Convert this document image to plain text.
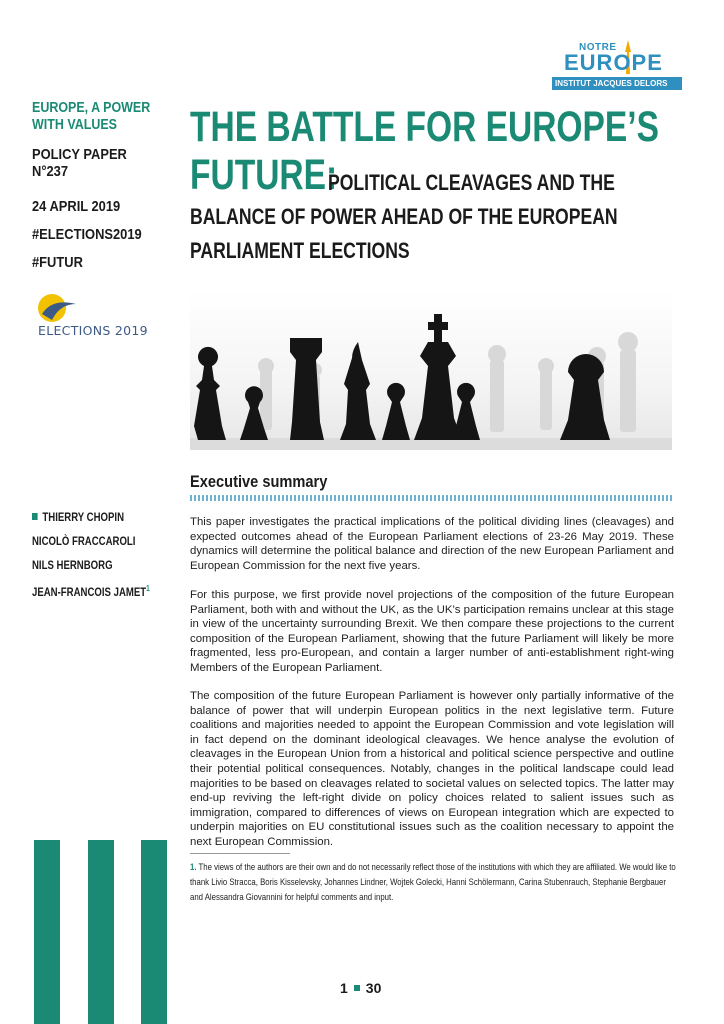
NOTRE
EUROPE
INSTITUT JACQUES DELORS
EUROPE, A POWER WITH VALUES
POLICY PAPER
N°237
24 APRIL 2019
#ELECTIONS2019
#FUTUR
ELECTIONS 2019
THE BATTLE FOR EUROPE’S
FUTURE:
POLITICAL CLEAVAGES AND THE
BALANCE OF POWER AHEAD OF THE EUROPEAN
PARLIAMENT ELECTIONS
Executive summary
THIERRY CHOPIN
NICOLÒ FRACCAROLI
NILS HERNBORG
JEAN-FRANCOIS JAMET$^1$
This paper investigates the practical implications of the political dividing lines (cleavages) and expected outcomes ahead of the European Parliament elections of 23-26 May 2019. These dynamics will determine the political balance and direction of the new European Parliament and European Commission for the next five years.
For this purpose, we first provide novel projections of the composition of the future European Parliament, both with and without the UK, as the UK’s participation remains unclear at this stage in view of the uncertainty surrounding Brexit. We then compare these projections to the current composition of the European Parliament, showing that the future Parliament will likely be more fragmented, less pro-European, and contain a larger number of anti-establishment right-wing Members of the European Parliament.
The composition of the future European Parliament is however only partially informative of the balance of power that will underpin European politics in the next legislative term. Future coalitions and majorities needed to appoint the European Commission and vote legislation will in fact depend on the dominant ideological cleavages. We hence analyse the evolution of cleavages in the European Union from a historical and political science perspective and outline their potential political consequences. Notably, changes in the political landscape could lead majorities to be based on cleavages related to societal values on selected topics. The latter may end-up reviving the left-right divide on policy choices related to salient issues such as immigration, compared to differences of views on European integration which are expected to underpin majorities on EU constitutional issues such as the coalition necessary to appoint the next European Commission.
1. The views of the authors are their own and do not necessarily reflect those of the institutions with which they are affiliated. We would like to thank Livio Stracca, Boris Kisselevsky, Johannes Lindner, Wojtek Golecki, Hanni Schölermann, Carina Stubenrauch, Stephanie Bergbauer and Alessandra Giovannini for helpful comments and input.
1 30
